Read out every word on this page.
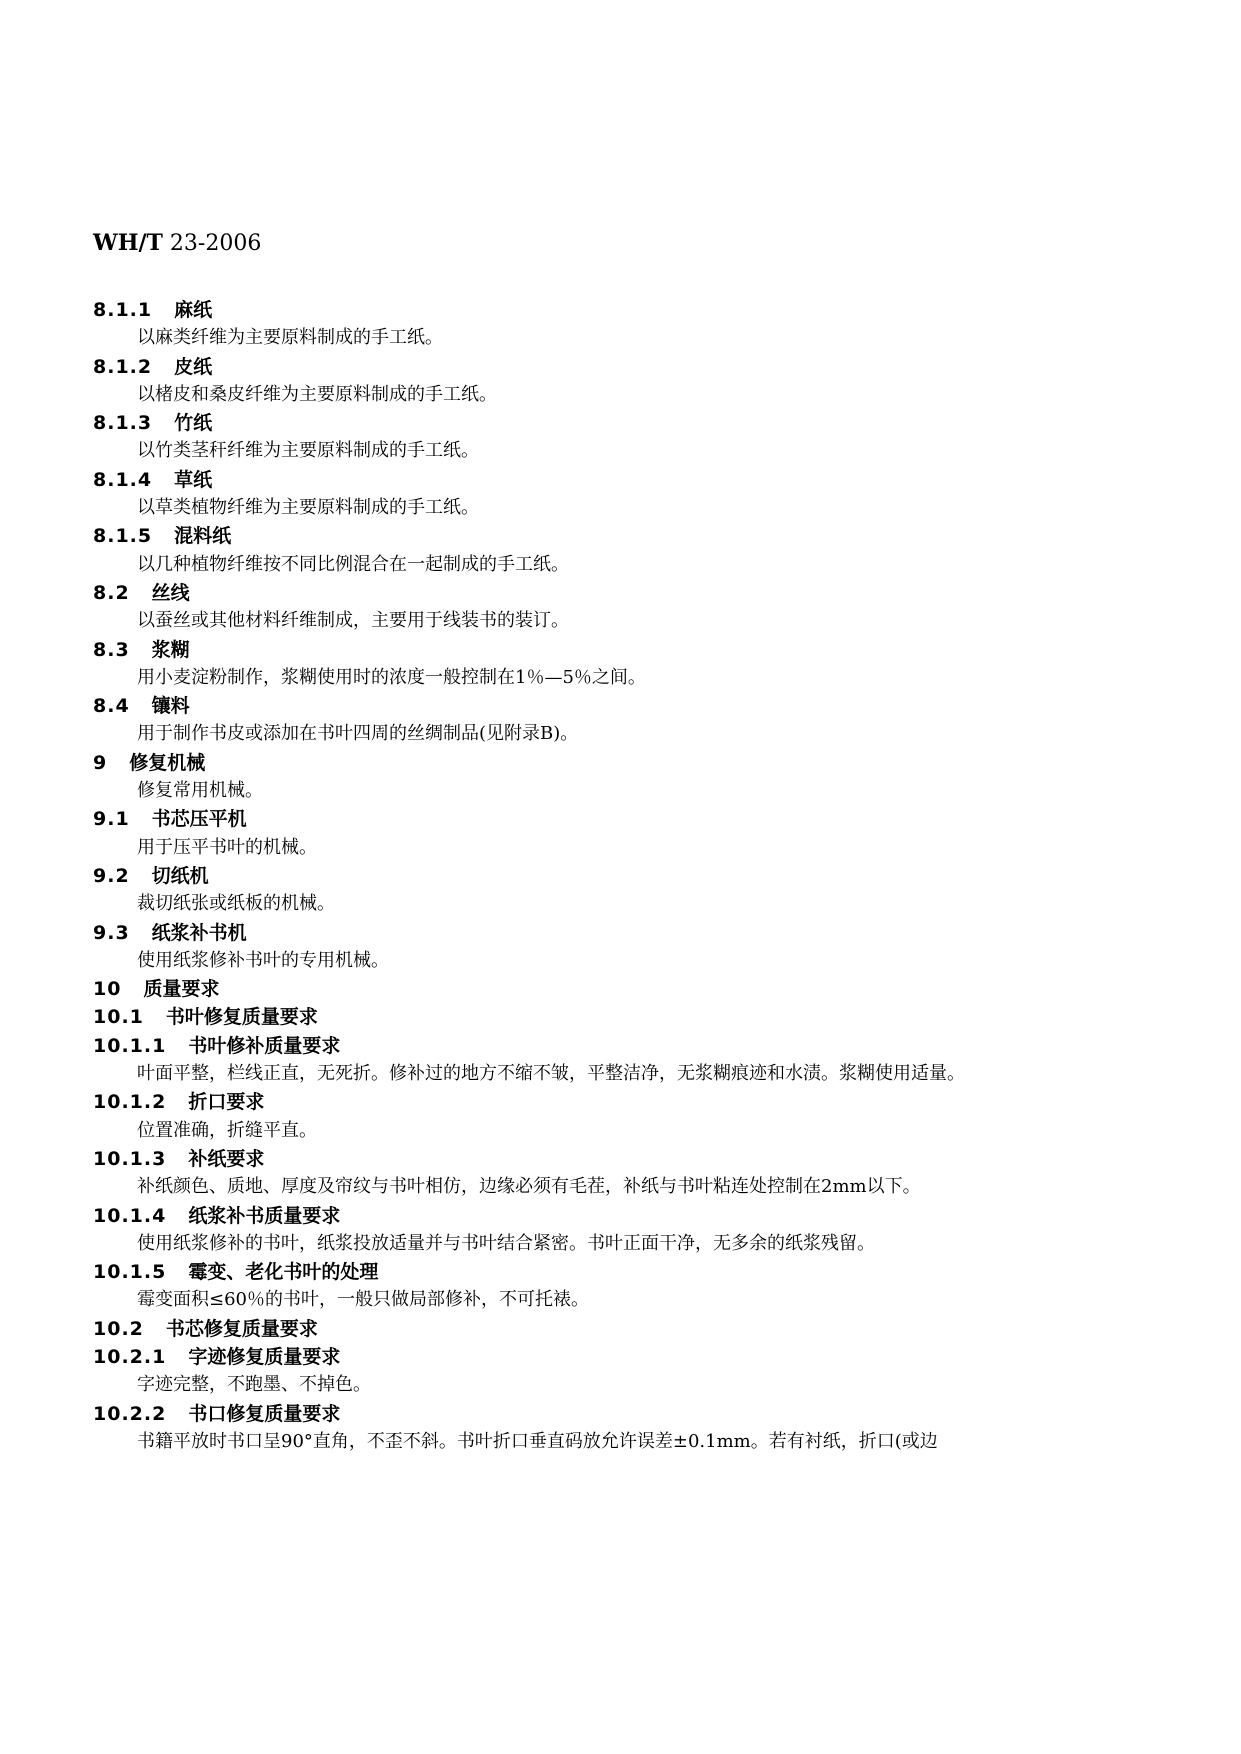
WH/T 23-2006
8.1.1 麻纸
以麻类纤维为主要原料制成的手工纸。
8.1.2 皮纸
以楮皮和桑皮纤维为主要原料制成的手工纸。
8.1.3 竹纸
以竹类茎秆纤维为主要原料制成的手工纸。
8.1.4 草纸
以草类植物纤维为主要原料制成的手工纸。
8.1.5 混料纸
以几种植物纤维按不同比例混合在一起制成的手工纸。
8.2 丝线
以蚕丝或其他材料纤维制成，主要用于线装书的装订。
8.3 浆糊
用小麦淀粉制作，浆糊使用时的浓度一般控制在1％—5％之间。
8.4 镶料
用于制作书皮或添加在书叶四周的丝绸制品(见附录B)。
9 修复机械
修复常用机械。
9.1 书芯压平机
用于压平书叶的机械。
9.2 切纸机
裁切纸张或纸板的机械。
9.3 纸浆补书机
使用纸浆修补书叶的专用机械。
10 质量要求
10.1 书叶修复质量要求
10.1.1 书叶修补质量要求
叶面平整，栏线正直，无死折。修补过的地方不缩不皱，平整洁净，无浆糊痕迹和水渍。浆糊使用适量。
10.1.2 折口要求
位置准确，折缝平直。
10.1.3 补纸要求
补纸颜色、质地、厚度及帘纹与书叶相仿，边缘必须有毛茬，补纸与书叶粘连处控制在2mm以下。
10.1.4 纸浆补书质量要求
使用纸浆修补的书叶，纸浆投放适量并与书叶结合紧密。书叶正面干净，无多余的纸浆残留。
10.1.5 霉变、老化书叶的处理
霉变面积≤60％的书叶，一般只做局部修补，不可托裱。
10.2 书芯修复质量要求
10.2.1 字迹修复质量要求
字迹完整，不跑墨、不掉色。
10.2.2 书口修复质量要求
书籍平放时书口呈90°直角，不歪不斜。书叶折口垂直码放允许误差±0.1mm。若有衬纸，折口(或边
